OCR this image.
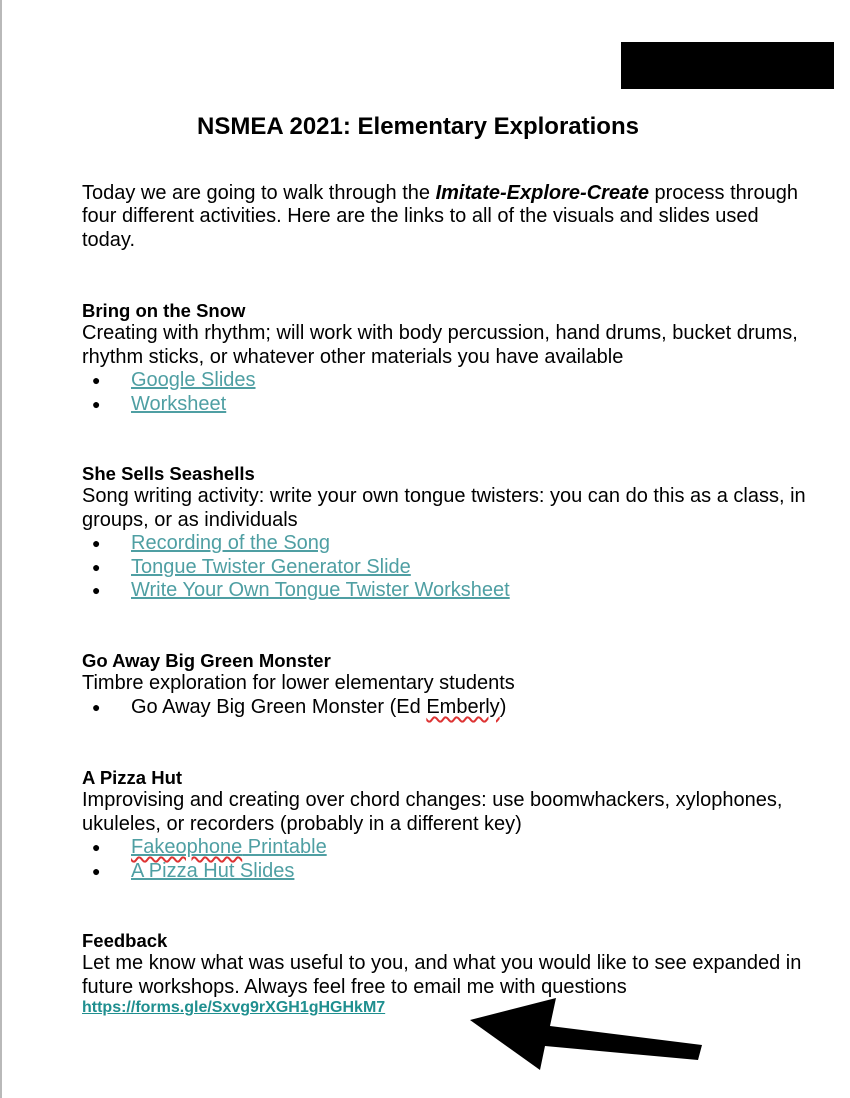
NSMEA 2021: Elementary Explorations

Today we are going to walk through the Imitate-Explore-Create process through four different activities. Here are the links to all of the visuals and slides used today.

Bring on the Snow

Creating with rhythm; will work with body percussion, hand drums, bucket drums, rhythm sticks, or whatever other materials you have available

● Google Slides
● Worksheet
She Sells Seashells

Song writing activity: write your own tongue twisters: you can do this as a class, in groups, or as individuals

● Recording of the Song
● Tongue Twister Generator Slide
● Write Your Own Tongue Twister Worksheet
Go Away Big Green Monster

Timbre exploration for lower elementary students

● Go Away Big Green Monster (Ed Emberly)
A Pizza Hut

Improvising and creating over chord changes: use boomwhackers, xylophones, ukuleles, or recorders (probably in a different key)

● Fakeophone Printable
● A Pizza Hut Slides
Feedback

Let me know what was useful to you, and what you would like to see expanded in future workshops. Always feel free to email me with questions

https://forms.gle/Sxvg9rXGH1gHGHkM7
